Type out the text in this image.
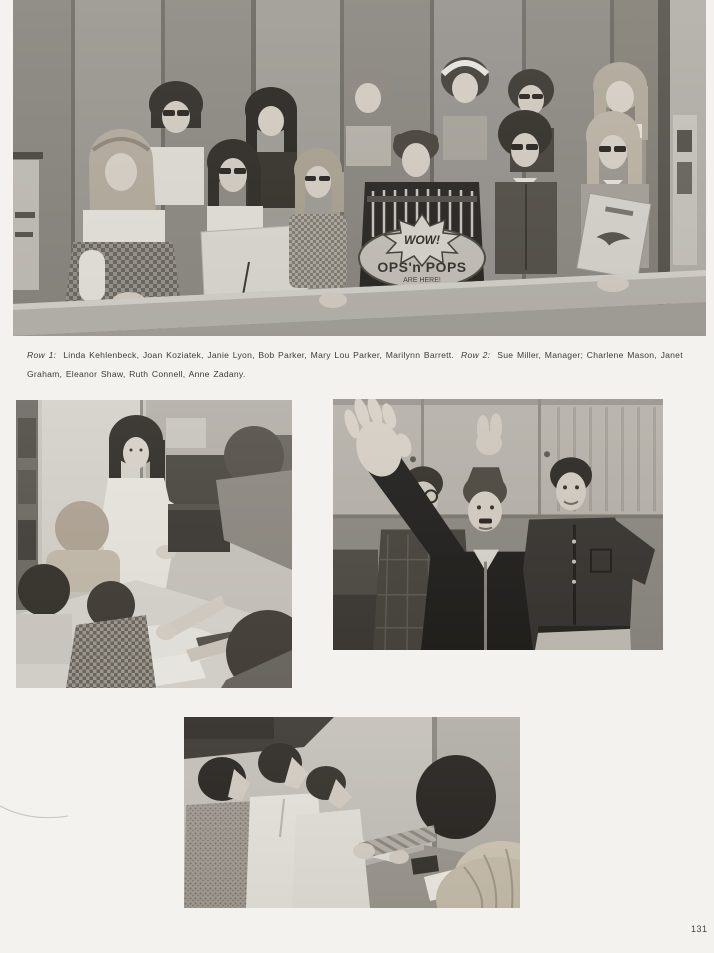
Row 1: Linda Kehlenbeck, Joan Koziatek, Janie Lyon, Bob Parker, Mary Lou Parker, Marilynn Barrett. Row 2: Sue Miller, Manager; Charlene Mason, Janet
Graham, Eleanor Shaw, Ruth Connell, Anne Zadany.
131
